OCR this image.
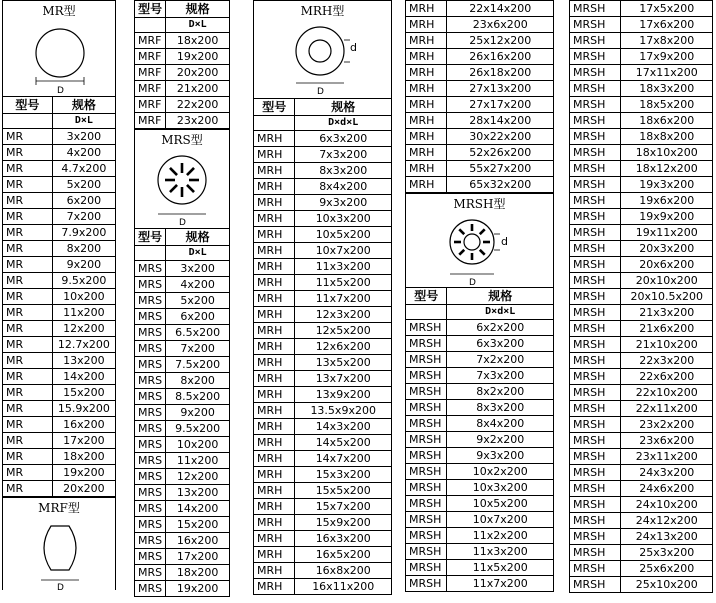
MR型
D
型号	规格
	D×L
MR	3x200
MR	4x200
MR	4.7x200
MR	5x200
MR	6x200
MR	7x200
MR	7.9x200
MR	8x200
MR	9x200
MR	9.5x200
MR	10x200
MR	11x200
MR	12x200
MR	12.7x200
MR	13x200
MR	14x200
MR	15x200
MR	15.9x200
MR	16x200
MR	17x200
MR	18x200
MR	19x200
MR	20x200
MRF型
D
型号	规格
	D×L
MRF	18x200
MRF	19x200
MRF	20x200
MRF	21x200
MRF	22x200
MRF	23x200
MRS型
D
型号	规格
	D×L
MRS	3x200
MRS	4x200
MRS	5x200
MRS	6x200
MRS	6.5x200
MRS	7x200
MRS	7.5x200
MRS	8x200
MRS	8.5x200
MRS	9x200
MRS	9.5x200
MRS	10x200
MRS	11x200
MRS	12x200
MRS	13x200
MRS	14x200
MRS	15x200
MRS	16x200
MRS	17x200
MRS	18x200
MRS	19x200
MRH型
d
D
型号	规格
	D×d×L
MRH	6x3x200
MRH	7x3x200
MRH	8x3x200
MRH	8x4x200
MRH	9x3x200
MRH	10x3x200
MRH	10x5x200
MRH	10x7x200
MRH	11x3x200
MRH	11x5x200
MRH	11x7x200
MRH	12x3x200
MRH	12x5x200
MRH	12x6x200
MRH	13x5x200
MRH	13x7x200
MRH	13x9x200
MRH	13.5x9x200
MRH	14x3x200
MRH	14x5x200
MRH	14x7x200
MRH	15x3x200
MRH	15x5x200
MRH	15x7x200
MRH	15x9x200
MRH	16x3x200
MRH	16x5x200
MRH	16x8x200
MRH	16x11x200
MRH	22x14x200
MRH	23x6x200
MRH	25x12x200
MRH	26x16x200
MRH	26x18x200
MRH	27x13x200
MRH	27x17x200
MRH	28x14x200
MRH	30x22x200
MRH	52x26x200
MRH	55x27x200
MRH	65x32x200
MRSH型
d
D
型号	规格
	D×d×L
MRSH	6x2x200
MRSH	6x3x200
MRSH	7x2x200
MRSH	7x3x200
MRSH	8x2x200
MRSH	8x3x200
MRSH	8x4x200
MRSH	9x2x200
MRSH	9x3x200
MRSH	10x2x200
MRSH	10x3x200
MRSH	10x5x200
MRSH	10x7x200
MRSH	11x2x200
MRSH	11x3x200
MRSH	11x5x200
MRSH	11x7x200
MRSH	17x5x200
MRSH	17x6x200
MRSH	17x8x200
MRSH	17x9x200
MRSH	17x11x200
MRSH	18x3x200
MRSH	18x5x200
MRSH	18x6x200
MRSH	18x8x200
MRSH	18x10x200
MRSH	18x12x200
MRSH	19x3x200
MRSH	19x6x200
MRSH	19x9x200
MRSH	19x11x200
MRSH	20x3x200
MRSH	20x6x200
MRSH	20x10x200
MRSH	20x10.5x200
MRSH	21x3x200
MRSH	21x6x200
MRSH	21x10x200
MRSH	22x3x200
MRSH	22x6x200
MRSH	22x10x200
MRSH	22x11x200
MRSH	23x2x200
MRSH	23x6x200
MRSH	23x11x200
MRSH	24x3x200
MRSH	24x6x200
MRSH	24x10x200
MRSH	24x12x200
MRSH	24x13x200
MRSH	25x3x200
MRSH	25x6x200
MRSH	25x10x200
